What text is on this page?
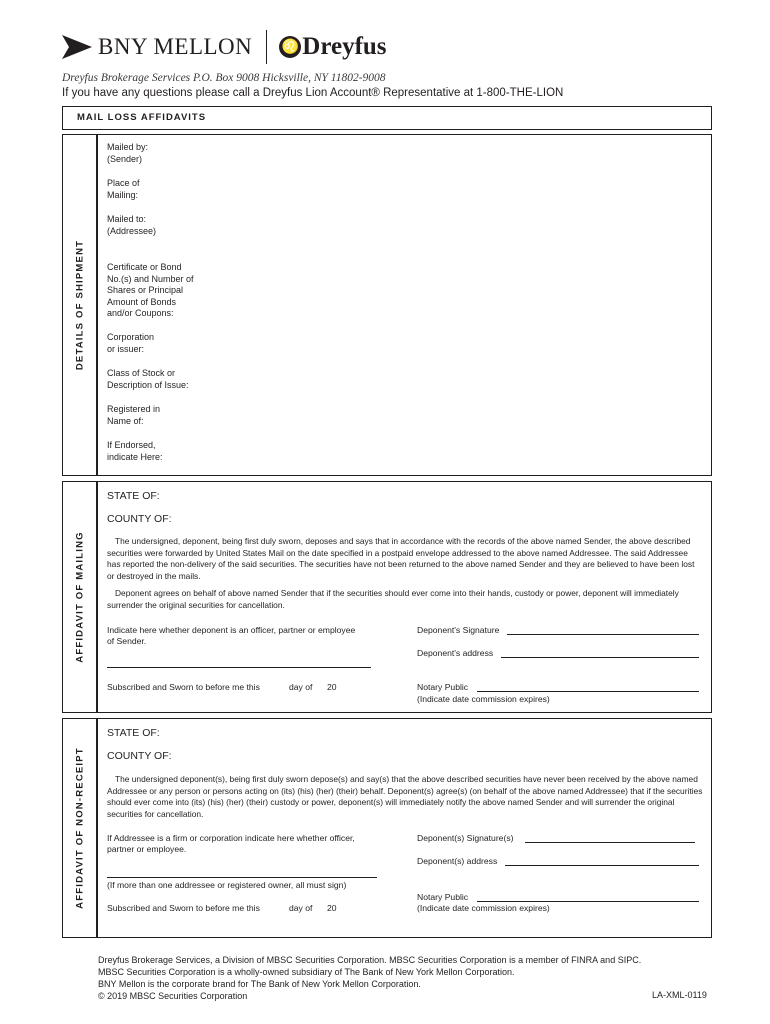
BNY MELLON ♌ Dreyfus
Dreyfus Brokerage Services P.O. Box 9008 Hicksville, NY 11802-9008
If you have any questions please call a Dreyfus Lion Account® Representative at 1-800-THE-LION
MAIL LOSS AFFIDAVITS
DETAILS OF SHIPMENT
Mailed by:
(Sender)
Place of
Mailing:
Mailed to:
(Addressee)
Certificate or Bond
No.(s) and Number of
Shares or Principal
Amount of Bonds
and/or Coupons:
Corporation
or issuer:
Class of Stock or
Description of Issue:
Registered in
Name of:
If Endorsed,
indicate Here:
AFFIDAVIT OF MAILING
STATE OF:
COUNTY OF:
The undersigned, deponent, being first duly sworn, deposes and says that in accordance with the records of the above named Sender, the above described securities were forwarded by United States Mail on the date specified in a postpaid envelope addressed to the above named Addressee. The said Addressee has reported the non-delivery of the said securities. The securities have not been returned to the above named Sender and they are believed to have been lost or destroyed in the mails.
Deponent agrees on behalf of above named Sender that if the securities should ever come into their hands, custody or power, deponent will immediately surrender the original securities for cancellation.
Indicate here whether deponent is an officer, partner or employee of Sender.
Deponent's Signature
Deponent's address
Subscribed and Sworn to before me this	day of 20	Notary Public
(Indicate date commission expires)
AFFIDAVIT OF NON-RECEIPT
STATE OF:
COUNTY OF:
The undersigned deponent(s), being first duly sworn depose(s) and say(s) that the above described securities have never been received by the above named Addressee or any person or persons acting on (its) (his) (her) (their) behalf. Deponent(s) agree(s) (on behalf of the above named Addressee) that if the securities should ever come into (its) (his) (her) (their) custody or power, deponent(s) will immediately notify the above named Sender and will surrender the original securities for cancellation.
If Addressee is a firm or corporation indicate here whether officer, partner or employee.
(If more than one addressee or registered owner, all must sign)
Deponent(s) Signature(s)
Deponent(s) address
Subscribed and Sworn to before me this	day of 20
Notary Public
(Indicate date commission expires)
Dreyfus Brokerage Services, a Division of MBSC Securities Corporation. MBSC Securities Corporation is a member of FINRA and SIPC.
MBSC Securities Corporation is a wholly-owned subsidiary of The Bank of New York Mellon Corporation.
BNY Mellon is the corporate brand for The Bank of New York Mellon Corporation.
© 2019 MBSC Securities Corporation	LA-XML-0119
